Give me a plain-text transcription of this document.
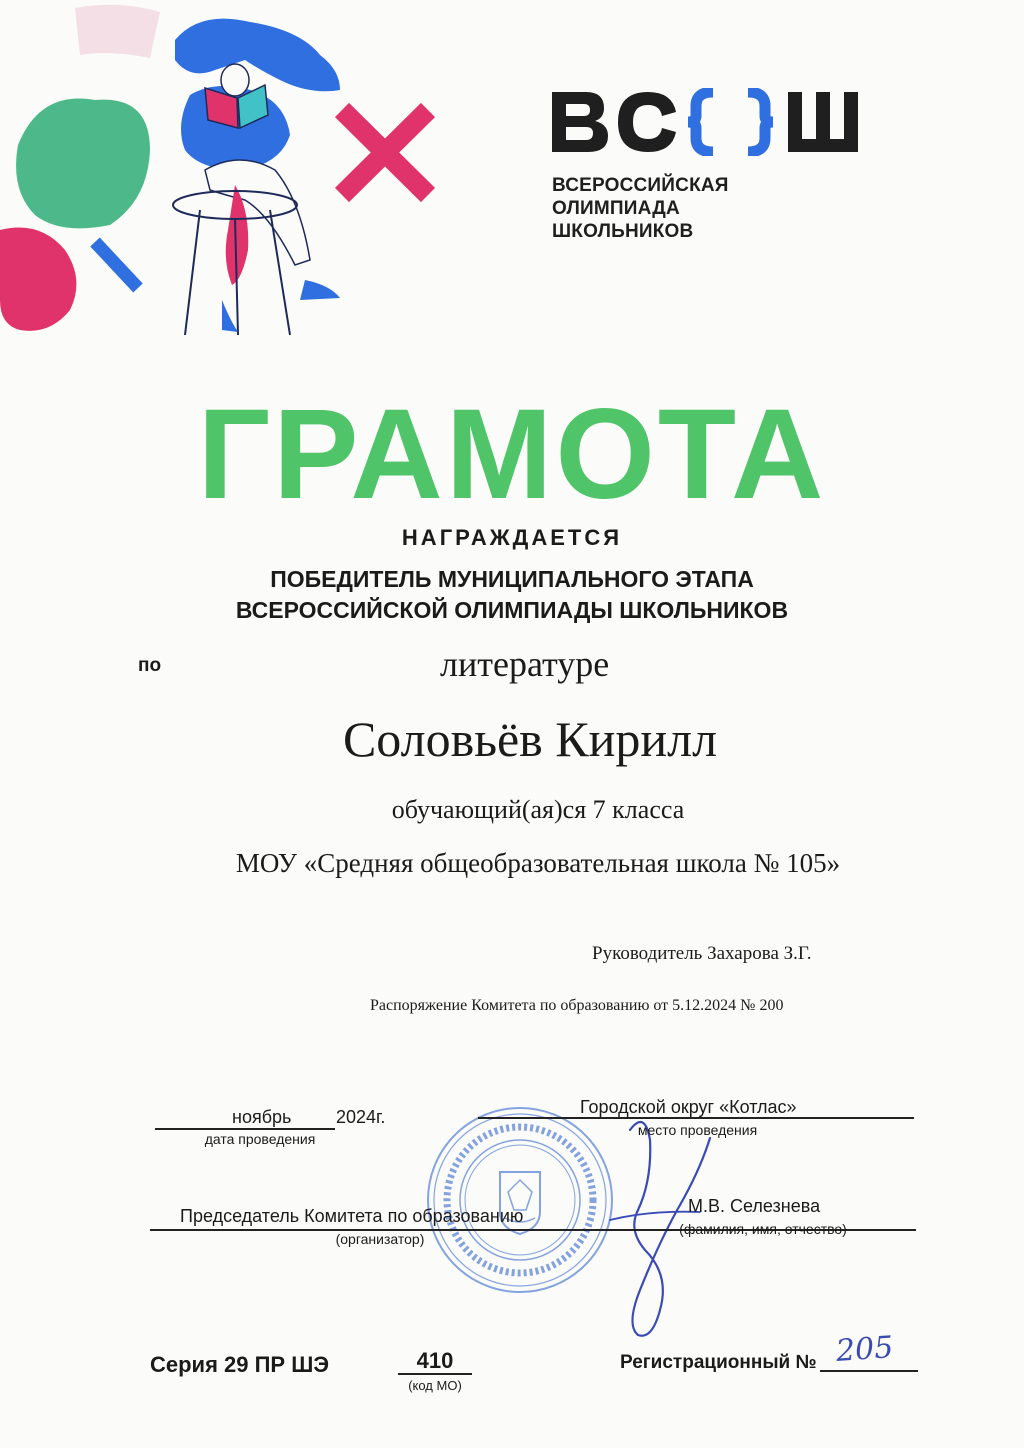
ВСЕРОССИЙСКАЯ
ОЛИМПИАДА
ШКОЛЬНИКОВ
ГРАМОТА
НАГРАЖДАЕТСЯ
ПОБЕДИТЕЛЬ МУНИЦИПАЛЬНОГО ЭТАПА
ВСЕРОССИЙСКОЙ ОЛИМПИАДЫ ШКОЛЬНИКОВ
по	литературе
Соловьёв Кирилл
обучающий(ая)ся 7 класса
МОУ «Средняя общеобразовательная школа № 105»
Руководитель Захарова З.Г.
Распоряжение Комитета по образованию от 5.12.2024 № 200
ноябрь 2024г.
дата проведения
Городской округ «Котлас»
место проведения
Председатель Комитета по образованию
(организатор)
М.В. Селезнева
(фамилия, имя, отчество)
Серия 29 ПР ШЭ	410
(код МО)
Регистрационный № 205
